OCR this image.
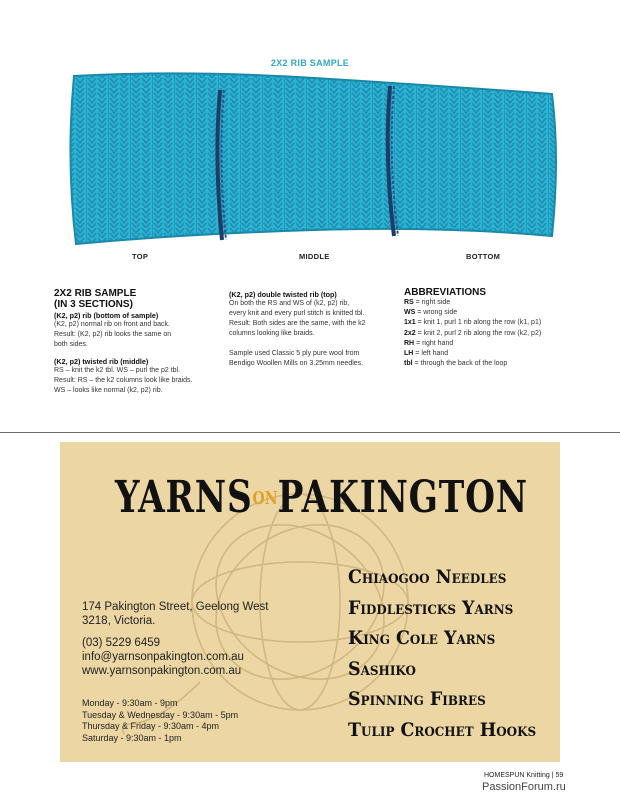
2X2 RIB SAMPLE
TOP	MIDDLE	BOTTOM
2X2 RIB SAMPLE
(IN 3 SECTIONS)
(K2, p2) rib (bottom of sample)
(K2, p2) normal rib on front and back.
Result: (K2, p2) rib looks the same on
both sides.
(K2, p2) twisted rib (middle)
RS – knit the k2 tbl. WS – purl the p2 tbl.
Result: RS – the k2 columns look like braids.
WS – looks like normal (k2, p2) rib.
(K2, p2) double twisted rib (top)
On both the RS and WS of (k2, p2) rib,
every knit and every purl stitch is knitted tbl.
Result: Both sides are the same, with the k2
columns looking like braids.
Sample used Classic 5 ply pure wool from
Bendigo Woollen Mills on 3.25mm needles.
ABBREVIATIONS
RS = right side
WS = wrong side
1x1 = knit 1, purl 1 rib along the row (k1, p1)
2x2 = knit 2, purl 2 rib along the row (k2, p2)
RH = right hand
LH = left hand
tbl = through the back of the loop
YARNSONPAKINGTON
174 Pakington Street, Geelong West
3218, Victoria.
(03) 5229 6459
info@yarnsonpakington.com.au
www.yarnsonpakington.com.au
Monday - 9:30am - 9pm
Tuesday & Wednesday - 9:30am - 5pm
Thursday & Friday - 9:30am - 4pm
Saturday - 9:30am - 1pm
Chiaogoo Needles
Fiddlesticks Yarns
King Cole Yarns
Sashiko
Spinning Fibres
Tulip Crochet Hooks
HOMESPUN Knitting | 59
PassionForum.ru
